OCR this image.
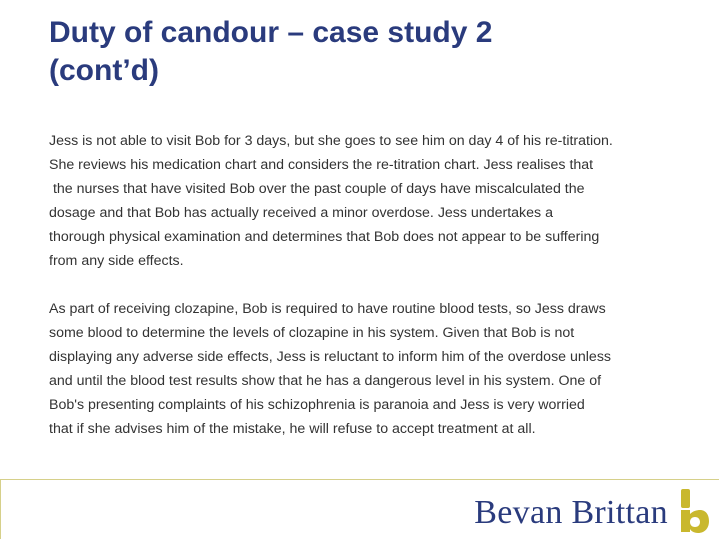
Duty of candour – case study 2
(cont’d)

Jess is not able to visit Bob for 3 days, but she goes to see him on day 4 of his re-titration.
She reviews his medication chart and considers the re-titration chart. Jess realises that
the nurses that have visited Bob over the past couple of days have miscalculated the
dosage and that Bob has actually received a minor overdose. Jess undertakes a
thorough physical examination and determines that Bob does not appear to be suffering
from any side effects.

As part of receiving clozapine, Bob is required to have routine blood tests, so Jess draws
some blood to determine the levels of clozapine in his system. Given that Bob is not
displaying any adverse side effects, Jess is reluctant to inform him of the overdose unless
and until the blood test results show that he has a dangerous level in his system. One of
Bob's presenting complaints of his schizophrenia is paranoia and Jess is very worried
that if she advises him of the mistake, he will refuse to accept treatment at all.

Bevan Brittan
